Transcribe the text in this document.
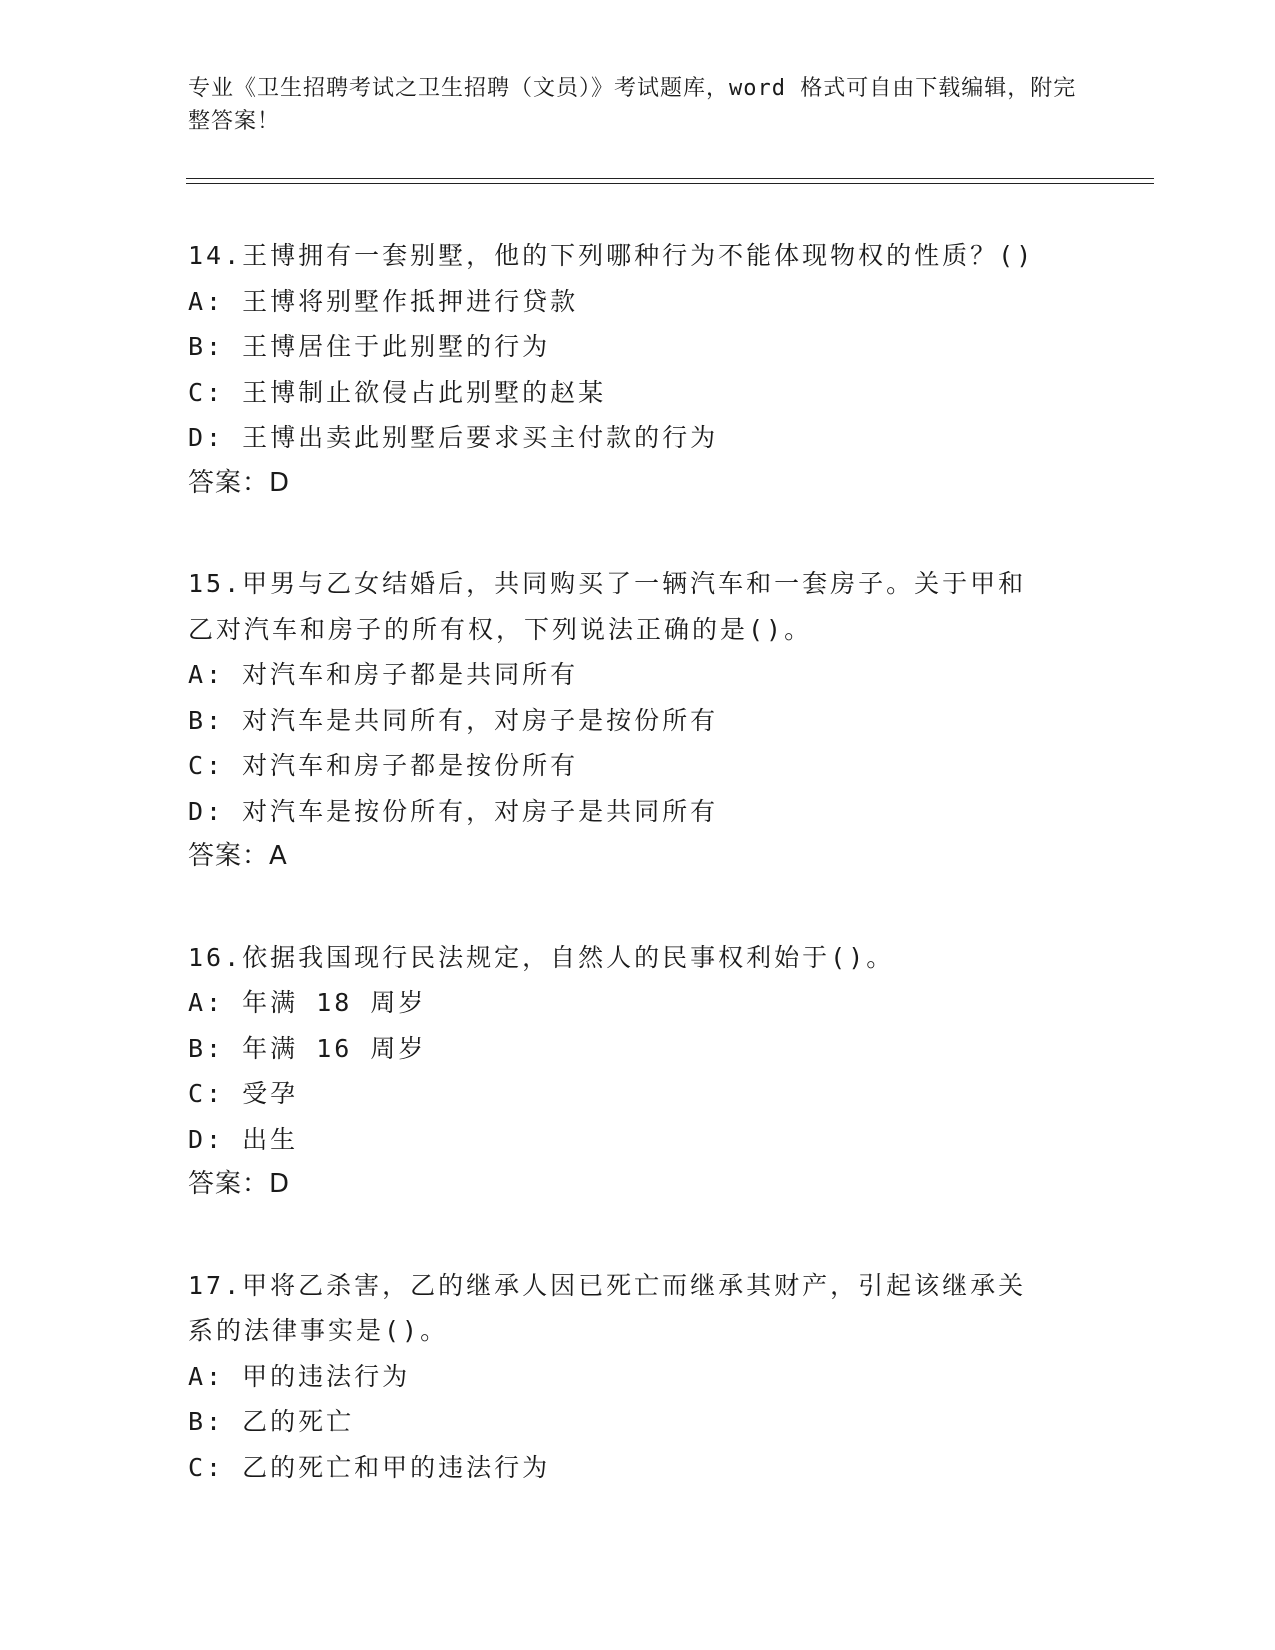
专业《卫生招聘考试之卫生招聘（文员）》考试题库，word 格式可自由下载编辑，附完整答案！
14.王博拥有一套别墅，他的下列哪种行为不能体现物权的性质？()
A: 王博将别墅作抵押进行贷款
B: 王博居住于此别墅的行为
C: 王博制止欲侵占此别墅的赵某
D: 王博出卖此别墅后要求买主付款的行为
答案：D
15.甲男与乙女结婚后，共同购买了一辆汽车和一套房子。关于甲和乙对汽车和房子的所有权，下列说法正确的是()。
A: 对汽车和房子都是共同所有
B: 对汽车是共同所有，对房子是按份所有
C: 对汽车和房子都是按份所有
D: 对汽车是按份所有，对房子是共同所有
答案：A
16.依据我国现行民法规定，自然人的民事权利始于()。
A: 年满 18 周岁
B: 年满 16 周岁
C: 受孕
D: 出生
答案：D
17.甲将乙杀害，乙的继承人因已死亡而继承其财产，引起该继承关系的法律事实是()。
A: 甲的违法行为
B: 乙的死亡
C: 乙的死亡和甲的违法行为
